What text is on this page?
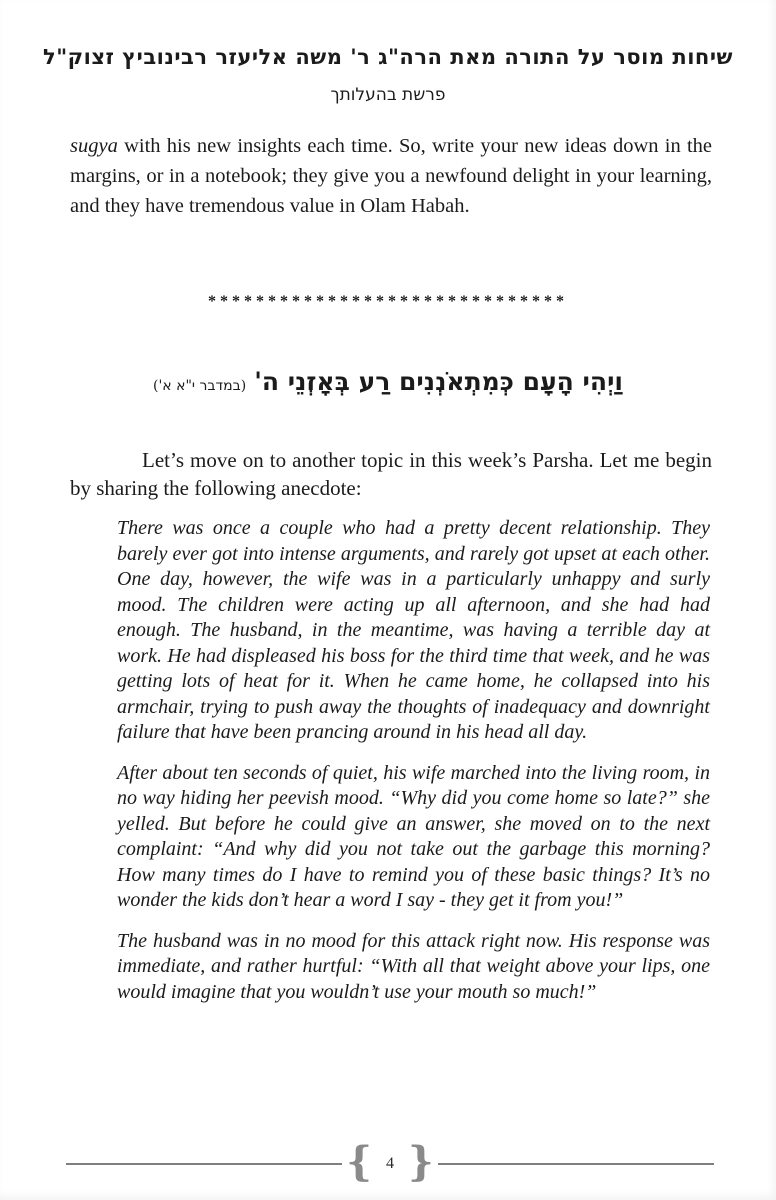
שיחות מוסר על התורה מאת הרה"ג ר' משה אליעזר רבינוביץ זצוק"ל
פרשת בהעלותך

sugya with his new insights each time. So, write your new ideas down in the margins, or in a notebook; they give you a newfound delight in your learning, and they have tremendous value in Olam Habah.

******************************
וַיְהִי הָעָם כְּמִתְאֹנְנִים רַע בְּאָזְנֵי ה'(במדבר י"א א')

Let’s move on to another topic in this week’s Parsha. Let me begin by sharing the following anecdote:

There was once a couple who had a pretty decent relationship. They barely ever got into intense arguments, and rarely got upset at each other. One day, however, the wife was in a particularly unhappy and surly mood. The children were acting up all afternoon, and she had had enough. The husband, in the meantime, was having a terrible day at work. He had displeased his boss for the third time that week, and he was getting lots of heat for it. When he came home, he collapsed into his armchair, trying to push away the thoughts of inadequacy and downright failure that have been prancing around in his head all day.

After about ten seconds of quiet, his wife marched into the living room, in no way hiding her peevish mood. “Why did you come home so late?” she yelled. But before he could give an answer, she moved on to the next complaint: “And why did you not take out the garbage this morning? How many times do I have to remind you of these basic things? It’s no wonder the kids don’t hear a word I say - they get it from you!”

The husband was in no mood for this attack right now. His response was immediate, and rather hurtful: “With all that weight above your lips, one would imagine that you wouldn’t use your mouth so much!”

{ 4 }
